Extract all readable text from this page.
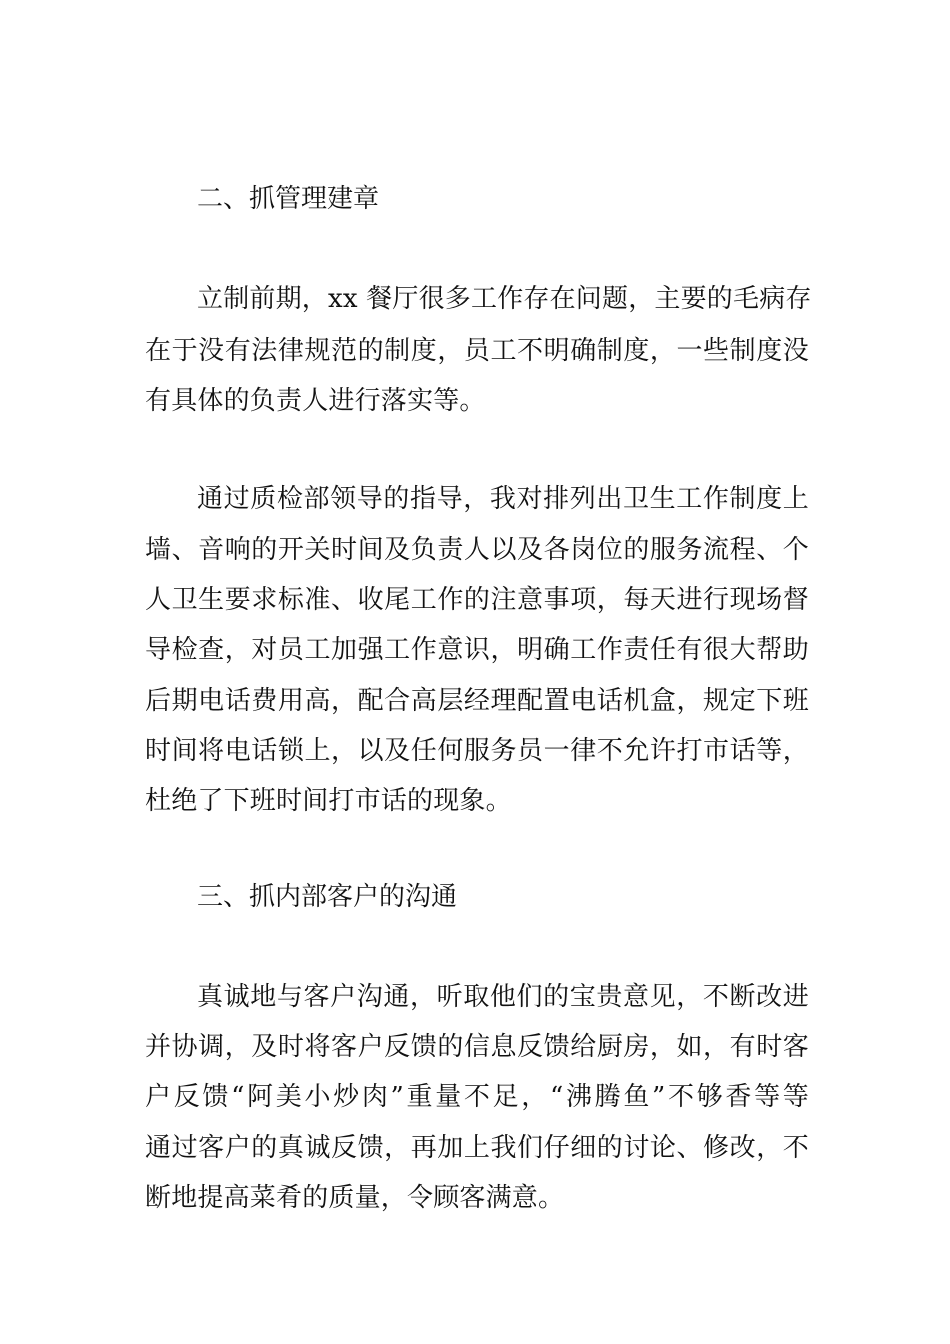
二、抓管理建章
立制前期，xx 餐厅很多工作存在问题，主要的毛病存
在于没有法律规范的制度，员工不明确制度，一些制度没
有具体的负责人进行落实等。
通过质检部领导的指导，我对排列出卫生工作制度上
墙、音响的开关时间及负责人以及各岗位的服务流程、个
人卫生要求标准、收尾工作的注意事项，每天进行现场督
导检查，对员工加强工作意识，明确工作责任有很大帮助
后期电话费用高，配合高层经理配置电话机盒，规定下班
时间将电话锁上，以及任何服务员一律不允许打市话等，
杜绝了下班时间打市话的现象。
三、抓内部客户的沟通
真诚地与客户沟通，听取他们的宝贵意见，不断改进
并协调，及时将客户反馈的信息反馈给厨房，如，有时客
户反馈“阿美小炒肉”重量不足，“沸腾鱼”不够香等等
通过客户的真诚反馈，再加上我们仔细的讨论、修改，不
断地提高菜肴的质量，令顾客满意。
